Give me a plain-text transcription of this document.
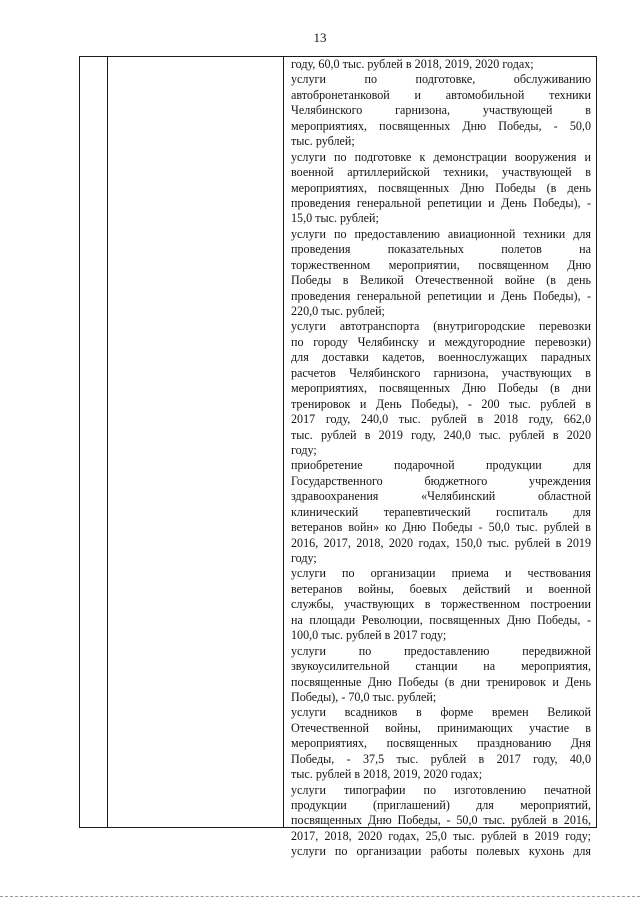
13
году, 60,0 тыс. рублей в 2018, 2019, 2020 годах;
услуги по подготовке, обслуживанию
автобронетанковой и автомобильной техники
Челябинского гарнизона, участвующей в
мероприятиях, посвященных Дню Победы, - 50,0
тыс. рублей;
услуги по подготовке к демонстрации вооружения и
военной артиллерийской техники, участвующей в
мероприятиях, посвященных Дню Победы (в день
проведения генеральной репетиции и День Победы), -
15,0 тыс. рублей;
услуги по предоставлению авиационной техники для
проведения показательных полетов на
торжественном мероприятии, посвященном Дню
Победы в Великой Отечественной войне (в день
проведения генеральной репетиции и День Победы), -
220,0 тыс. рублей;
услуги автотранспорта (внутригородские перевозки
по городу Челябинску и междугородние перевозки)
для доставки кадетов, военнослужащих парадных
расчетов Челябинского гарнизона, участвующих в
мероприятиях, посвященных Дню Победы (в дни
тренировок и День Победы), - 200 тыс. рублей в
2017 году, 240,0 тыс. рублей в 2018 году, 662,0
тыс. рублей в 2019 году, 240,0 тыс. рублей в 2020
году;
приобретение подарочной продукции для
Государственного бюджетного учреждения
здравоохранения «Челябинский областной
клинический терапевтический госпиталь для
ветеранов войн» ко Дню Победы - 50,0 тыс. рублей в
2016, 2017, 2018, 2020 годах, 150,0 тыс. рублей в 2019
году;
услуги по организации приема и чествования
ветеранов войны, боевых действий и военной
службы, участвующих в торжественном построении
на площади Революции, посвященных Дню Победы, -
100,0 тыс. рублей в 2017 году;
услуги по предоставлению передвижной
звукоусилительной станции на мероприятия,
посвященные Дню Победы (в дни тренировок и День
Победы), - 70,0 тыс. рублей;
услуги всадников в форме времен Великой
Отечественной войны, принимающих участие в
мероприятиях, посвященных празднованию Дня
Победы, - 37,5 тыс. рублей в 2017 году, 40,0
тыс. рублей в 2018, 2019, 2020 годах;
услуги типографии по изготовлению печатной
продукции (приглашений) для мероприятий,
посвященных Дню Победы, - 50,0 тыс. рублей в 2016,
2017, 2018, 2020 годах, 25,0 тыс. рублей в 2019 году;
услуги по организации работы полевых кухонь для
